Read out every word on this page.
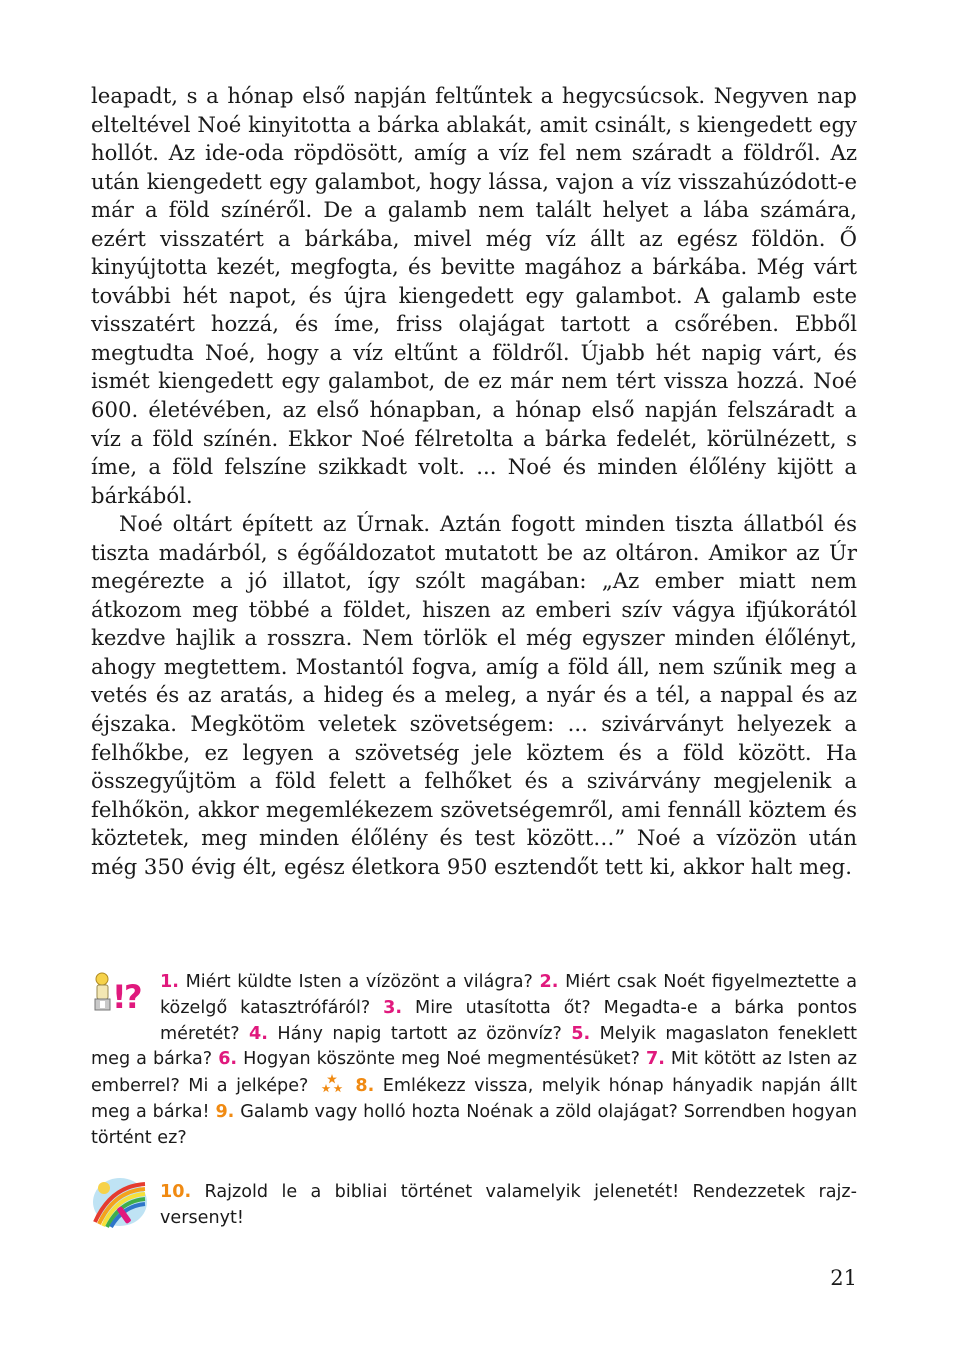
leapadt, s a hónap első napján feltűntek a hegycsúcsok. Negyven nap elteltével Noé kinyitotta a bárka ablakát, amit csinált, s kiengedett egy hollót. Az ide-oda röpdösött, amíg a víz fel nem száradt a földről. Az után kiengedett egy galambot, hogy lássa, vajon a víz visszahúzódott-e már a föld színéről. De a galamb nem talált helyet a lába számára, ezért visszatért a bárkába, mivel még víz állt az egész földön. Ő kinyújtotta kezét, megfogta, és bevitte magához a bárkába. Még várt további hét napot, és újra kiengedett egy galambot. A galamb este visszatért hozzá, és íme, friss olajágat tartott a csőrében. Ebből megtudta Noé, hogy a víz eltűnt a földről. Újabb hét napig várt, és ismét kiengedett egy galambot, de ez már nem tért vissza hozzá. Noé 600. életévében, az első hónapban, a hónap első napján felszáradt a víz a föld színén. Ekkor Noé félretolta a bárka fedelét, körülnézett, s íme, a föld felszíne szikkadt volt. ... Noé és minden élőlény kijött a bárkából.

Noé oltárt épített az Úrnak. Aztán fogott minden tiszta állatból és tiszta madárból, s égőáldozatot mutatott be az oltáron. Amikor az Úr megérezte a jó illatot, így szólt magában: „Az ember miatt nem átkozom meg többé a földet, hiszen az emberi szív vágya ifjúkorától kezdve hajlik a rosszra. Nem törlök el még egyszer minden élőlényt, ahogy megtettem. Mostantól fogva, amíg a föld áll, nem szűnik meg a vetés és az aratás, a hideg és a meleg, a nyár és a tél, a nappal és az éjszaka. Megkötöm veletek szövetségem: ... szivárványt helyezek a felhőkbe, ez legyen a szövetség jele köztem és a föld között. Ha összegyűjtöm a föld felett a felhőket és a szivárvány megjelenik a felhőkön, akkor megemlékezem szövetségemről, ami fennáll köztem és köztetek, meg minden élőlény és test között…” Noé a vízözön után még 350 évig élt, egész életkora 950 esztendőt tett ki, akkor halt meg.

!
? 1. Miért küldte Isten a vízözönt a világra? 2. Miért csak Noét figyelmeztette a közelgő katasztrófáról? 3. Mire utasította őt? Megadta-e a bárka pontos méretét? 4. Hány napig tartott az özönvíz? 5. Melyik magaslaton feneklett meg a bárka? 6. Hogyan köszönte meg Noé megmentésüket? 7. Mit kötött az Isten az emberrel? Mi a jelképe?	8. Emlékezz vissza, melyik hónap hányadik napján állt meg a bárka! 9. Galamb vagy holló hozta Noénak a zöld olajágat? Sorrendben hogyan történt ez?
10. Rajzold le a bibliai történet valamelyik jelenetét! Rendezzetek rajzversenyt!
21
